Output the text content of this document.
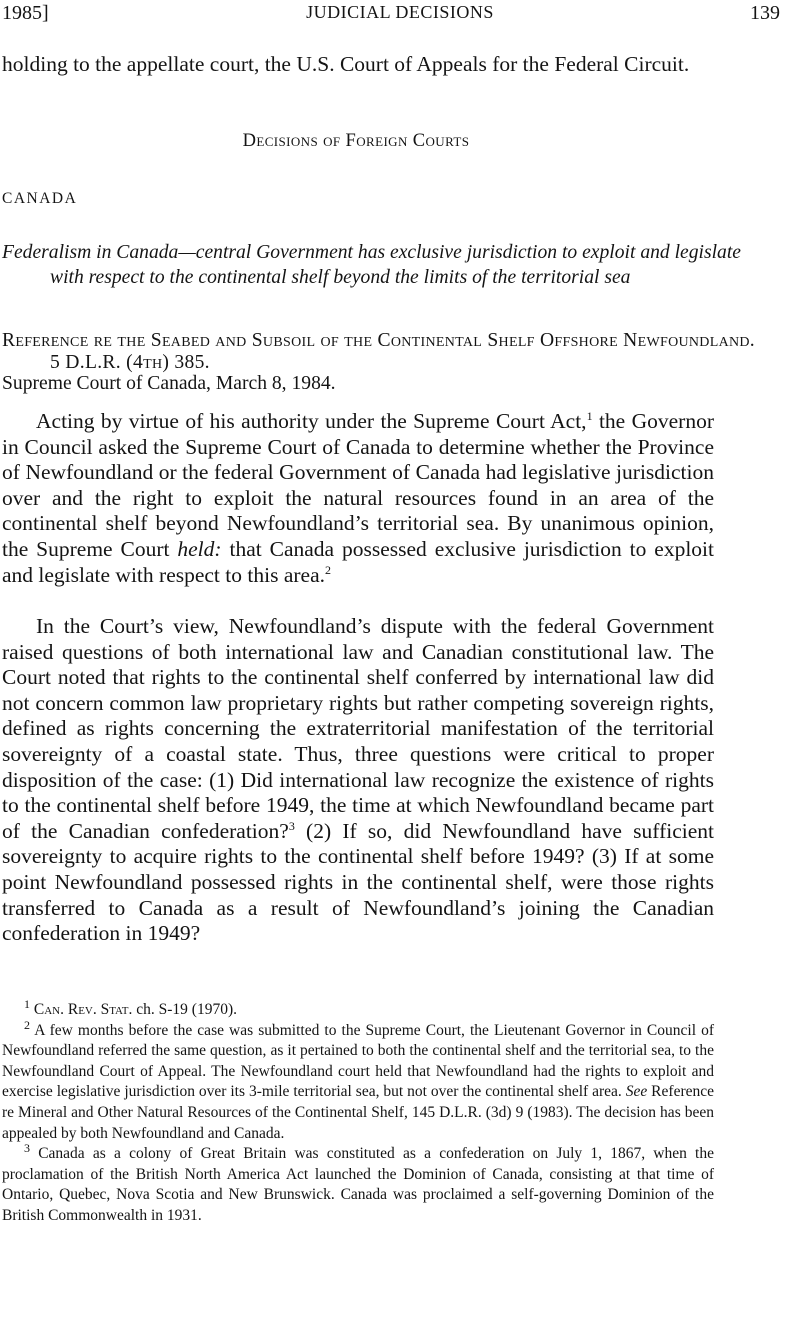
1985]	JUDICIAL DECISIONS	139
holding to the appellate court, the U.S. Court of Appeals for the Federal Circuit.
Decisions of Foreign Courts
CANADA
Federalism in Canada—central Government has exclusive jurisdiction to exploit and legislate with respect to the continental shelf beyond the limits of the territorial sea
Reference re the Seabed and Subsoil of the Continental Shelf Offshore Newfoundland. 5 D.L.R. (4th) 385.
Supreme Court of Canada, March 8, 1984.
Acting by virtue of his authority under the Supreme Court Act,$^1$ the Governor in Council asked the Supreme Court of Canada to determine whether the Province of Newfoundland or the federal Government of Canada had legislative jurisdiction over and the right to exploit the natural resources found in an area of the continental shelf beyond Newfoundland’s territorial sea. By unanimous opinion, the Supreme Court held: that Canada possessed exclusive jurisdiction to exploit and legislate with respect to this area.$^2$
In the Court’s view, Newfoundland’s dispute with the federal Government raised questions of both international law and Canadian constitutional law. The Court noted that rights to the continental shelf conferred by international law did not concern common law proprietary rights but rather competing sovereign rights, defined as rights concerning the extraterritorial manifestation of the territorial sovereignty of a coastal state. Thus, three questions were critical to proper disposition of the case: (1) Did international law recognize the existence of rights to the continental shelf before 1949, the time at which Newfoundland became part of the Canadian confederation?$^3$ (2) If so, did Newfoundland have sufficient sovereignty to acquire rights to the continental shelf before 1949? (3) If at some point Newfoundland possessed rights in the continental shelf, were those rights transferred to Canada as a result of Newfoundland’s joining the Canadian confederation in 1949?

$^1$ Can. Rev. Stat. ch. S-19 (1970).

$^2$ A few months before the case was submitted to the Supreme Court, the Lieutenant Governor in Council of Newfoundland referred the same question, as it pertained to both the continental shelf and the territorial sea, to the Newfoundland Court of Appeal. The Newfoundland court held that Newfoundland had the rights to exploit and exercise legislative jurisdiction over its 3-mile territorial sea, but not over the continental shelf area. See Reference re Mineral and Other Natural Resources of the Continental Shelf, 145 D.L.R. (3d) 9 (1983). The decision has been appealed by both Newfoundland and Canada.

$^3$ Canada as a colony of Great Britain was constituted as a confederation on July 1, 1867, when the proclamation of the British North America Act launched the Dominion of Canada, consisting at that time of Ontario, Quebec, Nova Scotia and New Brunswick. Canada was proclaimed a self-governing Dominion of the British Commonwealth in 1931.
